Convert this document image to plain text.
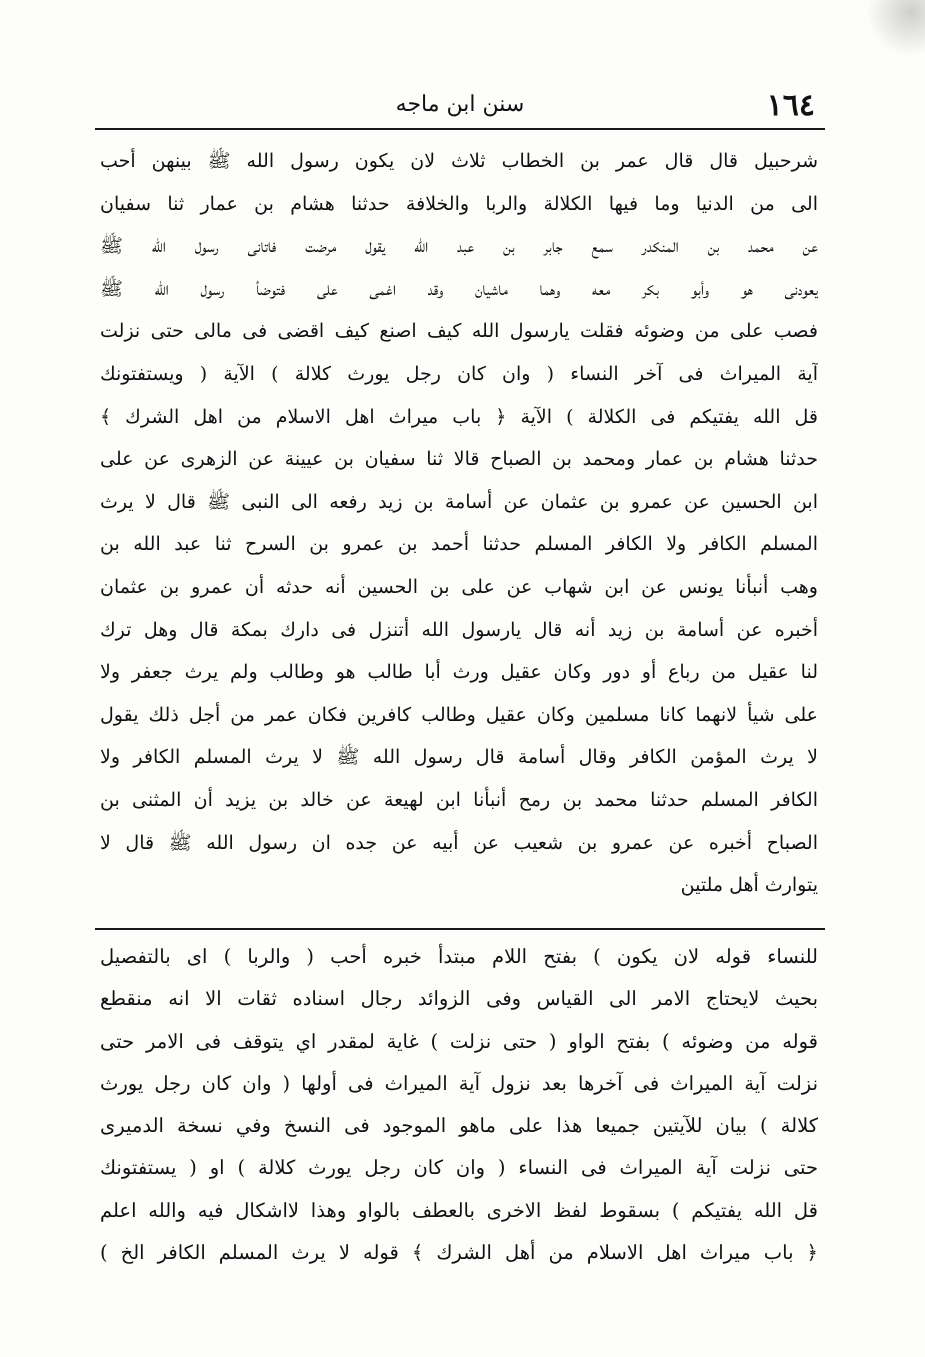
١٦٤
سنن ابن ماجه
شرحبيل قال قال عمر بن الخطاب ثلاث لان يكون رسول الله ﷺ بينهن أحب
الى من الدنيا وما فيها الكلالة والربا والخلافة حدثنا هشام بن عمار ثنا سفيان
عن محمد بن المنكدر سمع جابر بن عبد الله يقول مرضت فاتانى رسول الله ﷺ
يعودنى هو وأبو بكر معه وهما ماشيان وقد اغمى على فتوضأ رسول الله ﷺ
فصب على من وضوئه فقلت يارسول الله كيف اصنع كيف اقضى فى مالى حتى نزلت
آية الميراث فى آخر النساء ( وان كان رجل يورث كلالة ) الآية ( ويستفتونك
قل الله يفتيكم فى الكلالة ) الآية ﴿ باب ميراث اهل الاسلام من اهل الشرك ﴾
حدثنا هشام بن عمار ومحمد بن الصباح قالا ثنا سفيان بن عيينة عن الزهرى عن على
ابن الحسين عن عمرو بن عثمان عن أسامة بن زيد رفعه الى النبى ﷺ قال لا يرث
المسلم الكافر ولا الكافر المسلم حدثنا أحمد بن عمرو بن السرح ثنا عبد الله بن
وهب أنبأنا يونس عن ابن شهاب عن على بن الحسين أنه حدثه أن عمرو بن عثمان
أخبره عن أسامة بن زيد أنه قال يارسول الله أتنزل فى دارك بمكة قال وهل ترك
لنا عقيل من رباع أو دور وكان عقيل ورث أبا طالب هو وطالب ولم يرث جعفر ولا
على شيأ لانهما كانا مسلمين وكان عقيل وطالب كافرين فكان عمر من أجل ذلك يقول
لا يرث المؤمن الكافر وقال أسامة قال رسول الله ﷺ لا يرث المسلم الكافر ولا
الكافر المسلم حدثنا محمد بن رمح أنبأنا ابن لهيعة عن خالد بن يزيد أن المثنى بن
الصباح أخبره عن عمرو بن شعيب عن أبيه عن جده ان رسول الله ﷺ قال لا
يتوارث أهل ملتين
للنساء قوله لان يكون ) بفتح اللام مبتدأ خبره أحب ( والربا ) اى بالتفصيل
بحيث لايحتاج الامر الى القياس وفى الزوائد رجال اسناده ثقات الا انه منقطع
قوله من وضوئه ) بفتح الواو ( حتى نزلت ) غاية لمقدر اي يتوقف فى الامر حتى
نزلت آية الميراث فى آخرها بعد نزول آية الميراث فى أولها ( وان كان رجل يورث
كلالة ) بيان للآيتين جميعا هذا على ماهو الموجود فى النسخ وفي نسخة الدميرى
حتى نزلت آية الميراث فى النساء ( وان كان رجل يورث كلالة ) او ( يستفتونك
قل الله يفتيكم ) بسقوط لفظ الاخرى بالعطف بالواو وهذا لااشكال فيه والله اعلم
﴿ باب ميراث اهل الاسلام من أهل الشرك ﴾ قوله لا يرث المسلم الكافر الخ )
